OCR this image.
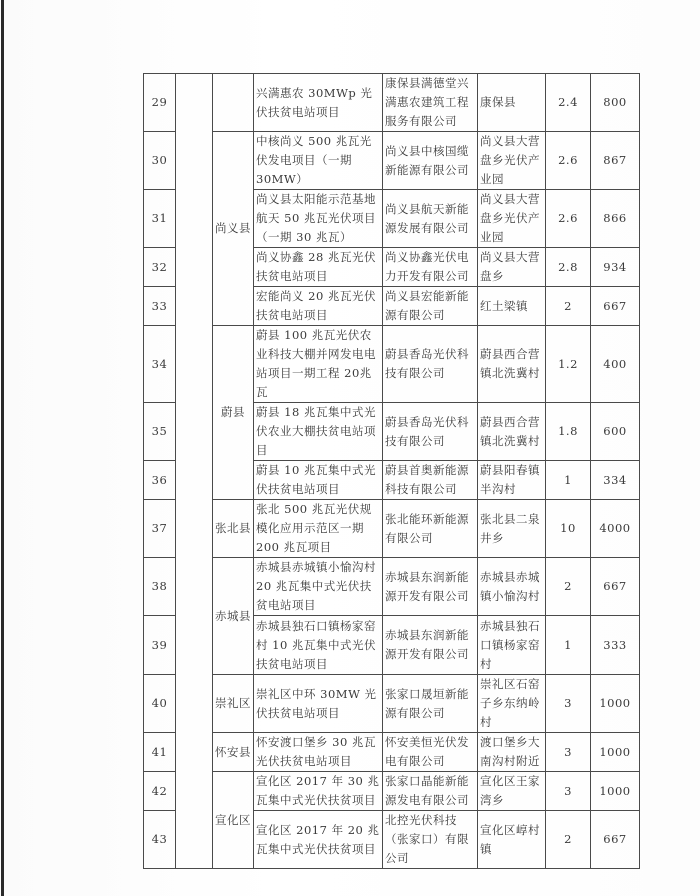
29			兴满惠农 30MWp 光伏扶贫电站项目	康保县满德堂兴满惠农建筑工程服务有限公司	康保县	2.4	800
30		尚义县	中核尚义 500 兆瓦光伏发电项目（一期30MW）	尚义县中核国缆新能源有限公司	尚义县大营盘乡光伏产业园	2.6	867
31			尚义县太阳能示范基地航天 50 兆瓦光伏项目（一期 30 兆瓦）	尚义县航天新能源发展有限公司	尚义县大营盘乡光伏产业园	2.6	866
32			尚义协鑫 28 兆瓦光伏扶贫电站项目	尚义协鑫光伏电力开发有限公司	尚义县大营盘乡	2.8	934
33			宏能尚义 20 兆瓦光伏扶贫电站项目	尚义县宏能新能源有限公司	红土梁镇	2	667
34		蔚县	蔚县 100 兆瓦光伏农业科技大棚并网发电电站项目一期工程 20兆瓦	蔚县香岛光伏科技有限公司	蔚县西合营镇北洗冀村	1.2	400
35			蔚县 18 兆瓦集中式光伏农业大棚扶贫电站项目	蔚县香岛光伏科技有限公司	蔚县西合营镇北洗冀村	1.8	600
36			蔚县 10 兆瓦集中式光伏扶贫电站项目	蔚县首奥新能源科技有限公司	蔚县阳春镇半沟村	1	334
37		张北县	张北 500 兆瓦光伏规模化应用示范区一期200 兆瓦项目	张北能环新能源有限公司	张北县二泉井乡	10	4000
38		赤城县	赤城县赤城镇小愉沟村 20 兆瓦集中式光伏扶贫电站项目	赤城县东润新能源开发有限公司	赤城县赤城镇小愉沟村	2	667
39			赤城县独石口镇杨家窑村 10 兆瓦集中式光伏扶贫电站项目	赤城县东润新能源开发有限公司	赤城县独石口镇杨家窑村	1	333
40		崇礼区	崇礼区中环 30MW 光伏扶贫电站项目	张家口晟垣新能源有限公司	崇礼区石窑子乡东纳岭村	3	1000
41		怀安县	怀安渡口堡乡 30 兆瓦光伏扶贫电站项目	怀安美恒光伏发电有限公司	渡口堡乡大南沟村附近	3	1000
42		宣化区	宣化区 2017 年 30 兆瓦集中式光伏扶贫项目	张家口晶能新能源发电有限公司	宣化区王家湾乡	3	1000
43			宣化区 2017 年 20 兆瓦集中式光伏扶贫项目	北控光伏科技（张家口）有限公司	宣化区崞村镇	2	667
